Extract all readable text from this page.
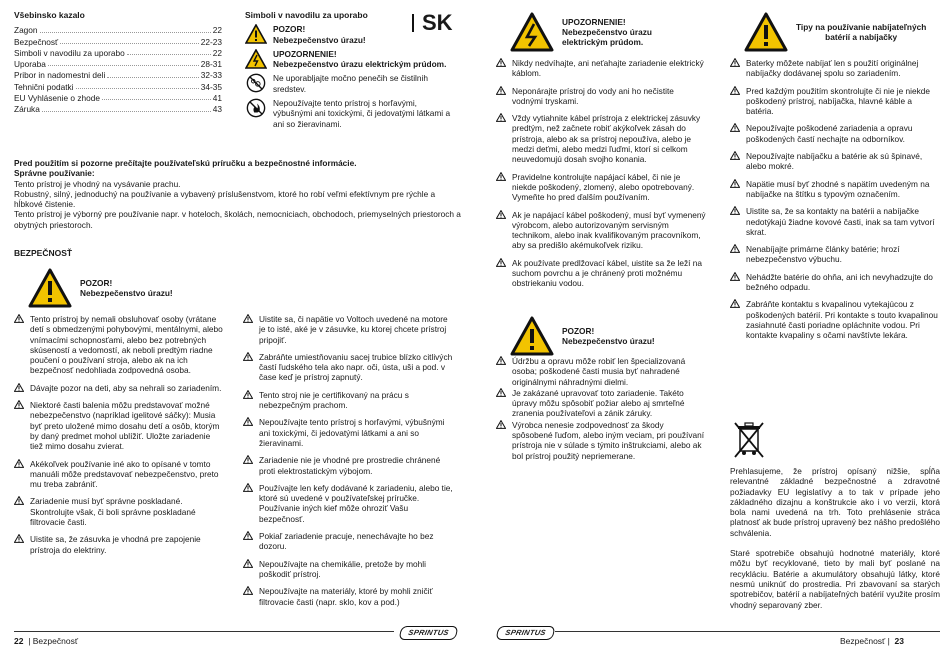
Všebinsko kazalo
Zagon	22
Bezpečnosť	22-23
Simboli v navodilu za uporabo	22
Uporaba	28-31
Pribor in nadomestni deli	32-33
Tehnični podatki	34-35
EU Vyhlásenie o zhode	41
Záruka	43
Simboli v navodilu za uporabo
POZOR!
Nebezpečenstvo úrazu!
UPOZORNENIE!
Nebezpečenstvo úrazu elektrickým prúdom.
Ne uporabljajte močno penečih se čistilnih sredstev.
Nepoužívajte tento prístroj s horľavými, výbušnými ani toxickými, či jedovatými látkami a ani so žieravinami.
SK

Pred použitím si pozorne prečítajte používateľskú príručku a bezpečnostné informácie.

Správne používanie:

Tento prístroj je vhodný na vysávanie prachu.

Robustný, silný, jednoduchý na používanie a vybavený príslušenstvom, ktoré ho robí veľmi efektívnym pre rýchle a hĺbkové čistenie.

Tento prístroj je výborný pre používanie napr. v hoteloch, školách, nemocniciach, obchodoch, priemyselných priestoroch a obytných priestoroch.

BEZPEČNOSŤ
POZOR!
Nebezpečenstvo úrazu!
Tento prístroj by nemali obsluhovať osoby (vrátane detí s obmedzenými pohybovými, mentálnymi, alebo vnímacími schopnosťami, alebo bez potrebných skúseností a vedomostí, ak neboli predtým riadne poučení o používaní stroja, alebo ak na ich bezpečnosť nedohliada zodpovedná osoba.
Dávajte pozor na deti, aby sa nehrali so zariadením.
Niektoré časti balenia môžu predstavovať možné nebezpečenstvo (napríklad igelitové sáčky): Musia byť preto uložené mimo dosahu detí a osôb, ktorým by daný predmet mohol ublížiť. Uložte zariadenie tiež mimo dosahu zvierat.
Akékoľvek používanie iné ako to opísané v tomto manuáli môže predstavovať nebezpečenstvo, preto mu treba zabrániť.
Zariadenie musí byť správne poskladané. Skontrolujte však, či boli správne poskladané filtrovacie časti.
Uistite sa, že zásuvka je vhodná pre zapojenie prístroja do elektriny.
Uistite sa, či napätie vo Voltoch uvedené na motore je to isté, aké je v zásuvke, ku ktorej chcete prístroj pripojiť.
Zabráňte umiestňovaniu sacej trubice blízko citlivých častí ľudského tela ako napr. oči, ústa, uši a pod. v čase keď je prístroj zapnutý.
Tento stroj nie je certifikovaný na prácu s nebezpečným prachom.
Nepoužívajte tento prístroj s horľavými, výbušnými ani toxickými, či jedovatými látkami a ani so žieravinami.
Zariadenie nie je vhodné pre prostredie chránené proti elektrostatickým výbojom.
Používajte len kefy dodávané k zariadeniu, alebo tie, ktoré sú uvedené v používateľskej príručke. Používanie iných kief môže ohroziť Vašu bezpečnosť.
Pokiaľ zariadenie pracuje, nenechávajte ho bez dozoru.
Nepoužívajte na chemikálie, pretože by mohli poškodiť prístroj.
Nepoužívajte na materiály, ktoré by mohli zničiť filtrovacie časti (napr. sklo, kov a pod.)
UPOZORNENIE!
Nebezpečenstvo úrazu
elektrickým prúdom.
Nikdy nedvíhajte, ani neťahajte zariadenie elektrický káblom.
Neponárajte prístroj do vody ani ho nečistite vodnými tryskami.
Vždy vytiahnite kábel prístroja z elektrickej zásuvky predtým, než začnete robiť akýkoľvek zásah do prístroja, alebo ak sa prístroj nepoužíva, alebo je medzi deťmi, alebo medzi ľuďmi, ktorí si celkom neuvedomujú dosah svojho konania.
Pravidelne kontrolujte napájací kábel, či nie je niekde poškodený, zlomený, alebo opotrebovaný. Vymeňte ho pred ďalším používaním.
Ak je napájací kábel poškodený, musí byť vymenený výrobcom, alebo autorizovaným servisným technikom, alebo inak kvalifikovaným pracovníkom, aby sa predišlo akémukoľvek riziku.
Ak používate predlžovací kábel, uistite sa že leží na suchom povrchu a je chránený proti možnému obstriekaniu vodou.
POZOR!
Nebezpečenstvo úrazu!
Údržbu a opravu môže robiť len špecializovaná osoba; poškodené časti musia byť nahradené originálnymi náhradnými dielmi.
Je zakázané upravovať toto zariadenie. Takéto úpravy môžu spôsobiť požiar alebo aj smrteľné zranenia používateľovi a zánik záruky.
Výrobca nenesie zodpovednosť za škody spôsobené ľuďom, alebo iným veciam, pri používaní prístroja nie v súlade s týmito inštrukciami, alebo ak bol prístroj použitý nepriemerane.
Tipy na používanie nabíjateľných
batérií a nabíjačky
Baterky môžete nabíjať len s použití originálnej nabíjačky dodávanej spolu so zariadením.
Pred každým použitím skontrolujte či nie je niekde poškodený prístroj, nabíjačka, hlavné káble a batéria.
Nepoužívajte poškodené zariadenia a opravu poškodených častí nechajte na odborníkov.
Nepoužívajte nabíjačku a batérie ak sú špinavé, alebo mokré.
Napätie musí byť zhodné s napätím uvedeným na nabíjačke na štítku s typovým označením.
Uistite sa, že sa kontakty na batérii a nabíjačke nedotýkajú žiadne kovové časti, inak sa tam vytvorí skrat.
Nenabíjajte primárne články batérie; hrozí nebezpečenstvo výbuchu.
Nehádžte batérie do ohňa, ani ich nevyhadzujte do bežného odpadu.
Zabráňte kontaktu s kvapalinou vytekajúcou z poškodených batérií. Pri kontakte s touto kvapalinou zasiahnuté časti poriadne opláchnite vodou. Pri kontakte kvapaliny s očami navštívte lekára.

Prehlasujeme, že prístroj opísaný nižšie, spĺňa relevantné základné bezpečnostné a zdravotné požiadavky EU legislatívy a to tak v prípade jeho základného dizajnu a konštrukcie ako i vo verzii, ktorá bola nami uvedená na trh. Toto prehlásenie stráca platnosť ak bude prístroj upravený bez nášho predošlého schválenia.

Staré spotrebiče obsahujú hodnotné materiály, ktoré môžu byť recyklované, tieto by mali byť poslané na recykláciu. Batérie a akumulátory obsahujú látky, ktoré nesmú uniknúť do prostredia. Pri zbavovaní sa starých spotrebičov, batérií a nabíjateľných batérií využite prosím vhodný separovaný zber.

22  | Bezpečnosť
SPRINTUS	SPRINTUS
Bezpečnosť |  23
